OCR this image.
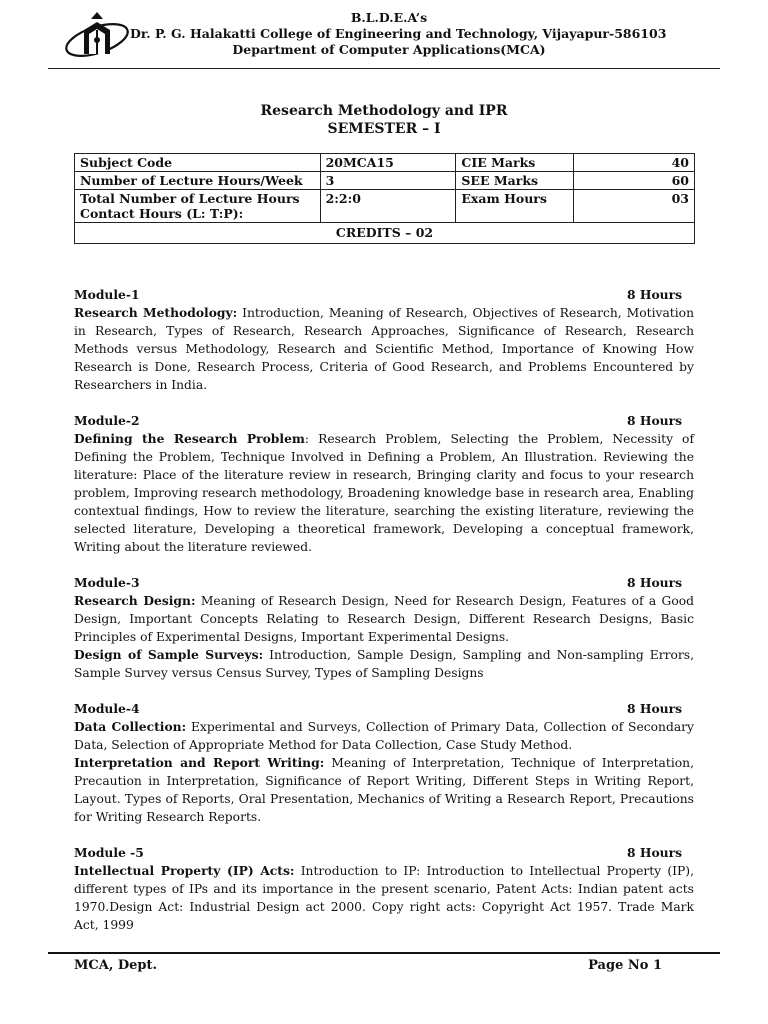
B.L.D.E.A’s
Dr. P. G. Halakatti College of Engineering and Technology, Vijayapur-586103
Department of Computer Applications(MCA)
Research Methodology and IPR
SEMESTER – I
Subject Code	20MCA15	CIE Marks	40
Number of Lecture Hours/Week	3	SEE Marks	60

Total Number of Lecture Hours
Contact Hours (L: T:P):	2:2:0	Exam Hours	03
CREDITS – 02			
Module-1	8 Hours

Research Methodology: Introduction, Meaning of Research, Objectives of Research, Motivation in Research, Types of Research, Research Approaches, Significance of Research, Research Methods versus Methodology, Research and Scientific Method, Importance of Knowing How Research is Done, Research Process, Criteria of Good Research, and Problems Encountered by Researchers in India.

Module-2	8 Hours

Defining the Research Problem: Research Problem, Selecting the Problem, Necessity of Defining the Problem, Technique Involved in Defining a Problem, An Illustration. Reviewing the literature: Place of the literature review in research, Bringing clarity and focus to your research problem, Improving research methodology, Broadening knowledge base in research area, Enabling contextual findings, How to review the literature, searching the existing literature, reviewing the selected literature, Developing a theoretical framework, Developing a conceptual framework, Writing about the literature reviewed.

Module-3	8 Hours

Research Design: Meaning of Research Design, Need for Research Design, Features of a Good Design, Important Concepts Relating to Research Design, Different Research Designs, Basic Principles of Experimental Designs, Important Experimental Designs.

Design of Sample Surveys: Introduction, Sample Design, Sampling and Non-sampling Errors, Sample Survey versus Census Survey, Types of Sampling Designs

Module-4	8 Hours

Data Collection: Experimental and Surveys, Collection of Primary Data, Collection of Secondary Data, Selection of Appropriate Method for Data Collection, Case Study Method.

Interpretation and Report Writing: Meaning of Interpretation, Technique of Interpretation, Precaution in Interpretation, Significance of Report Writing, Different Steps in Writing Report, Layout. Types of Reports, Oral Presentation, Mechanics of Writing a Research Report, Precautions for Writing Research Reports.

Module -5	8 Hours

Intellectual Property (IP) Acts: Introduction to IP: Introduction to Intellectual Property (IP), different types of IPs and its importance in the present scenario, Patent Acts: Indian patent acts 1970.Design Act: Industrial Design act 2000. Copy right acts: Copyright Act 1957. Trade Mark Act, 1999

MCA, Dept.	Page No 1
